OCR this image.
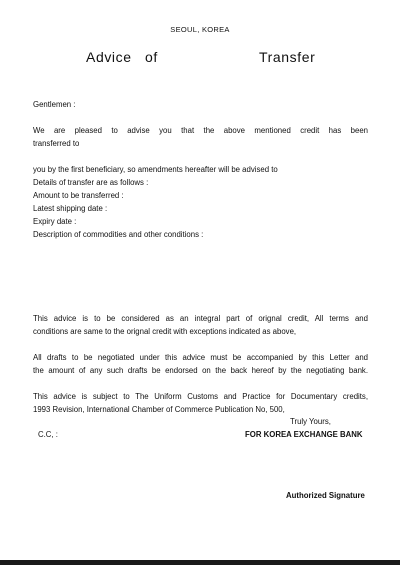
SEOUL, KOREA
Advice of	Transfer
Gentlemen :
We are pleased to advise you that the above mentioned credit has been
transferred to
you by the first beneficiary, so amendments hereafter will be advised to
Details of transfer are as follows :
Amount to be transferred :
Latest shipping date :
Expiry date :
Description of commodities and other conditions :
This advice is to be considered as an integral part of orignal credit, All terms and
conditions are same to the orignal credit with exceptions indicated as above,
All drafts to be negotiated under this advice must be accompanied by this Letter and
the amount of any such drafts be endorsed on the back hereof by the negotiating bank.
This advice is subject to The Uniform Customs and Practice for Documentary credits,
1993 Revision, International Chamber of Commerce Publication No, 500,
Truly Yours,
C.C, :	FOR KOREA EXCHANGE BANK
Authorized Signature
